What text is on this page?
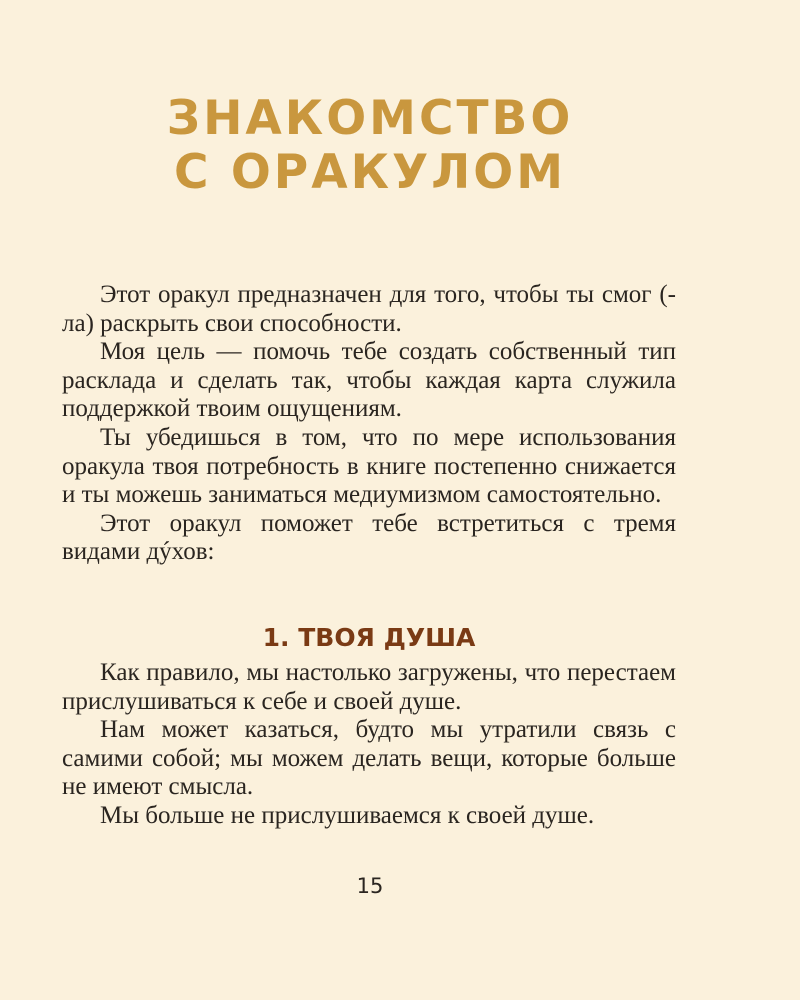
ЗНАКОМСТВО
С ОРАКУЛОМ

Этот оракул предназначен для того, чтобы ты смог (-ла) раскрыть свои способности.

Моя цель — помочь тебе создать собственный тип расклада и сделать так, чтобы каждая карта служила поддержкой твоим ощущениям.

Ты убедишься в том, что по мере использования оракула твоя потребность в книге постепенно снижается и ты можешь заниматься медиумизмом самостоятельно.

Этот оракул поможет тебе встретиться с тремя видами дýхов:

1. ТВОЯ ДУША

Как правило, мы настолько загружены, что перестаем прислушиваться к себе и своей душе.

Нам может казаться, будто мы утратили связь с самими собой; мы можем делать вещи, которые больше не имеют смысла.

Мы больше не прислушиваемся к своей душе.

15
